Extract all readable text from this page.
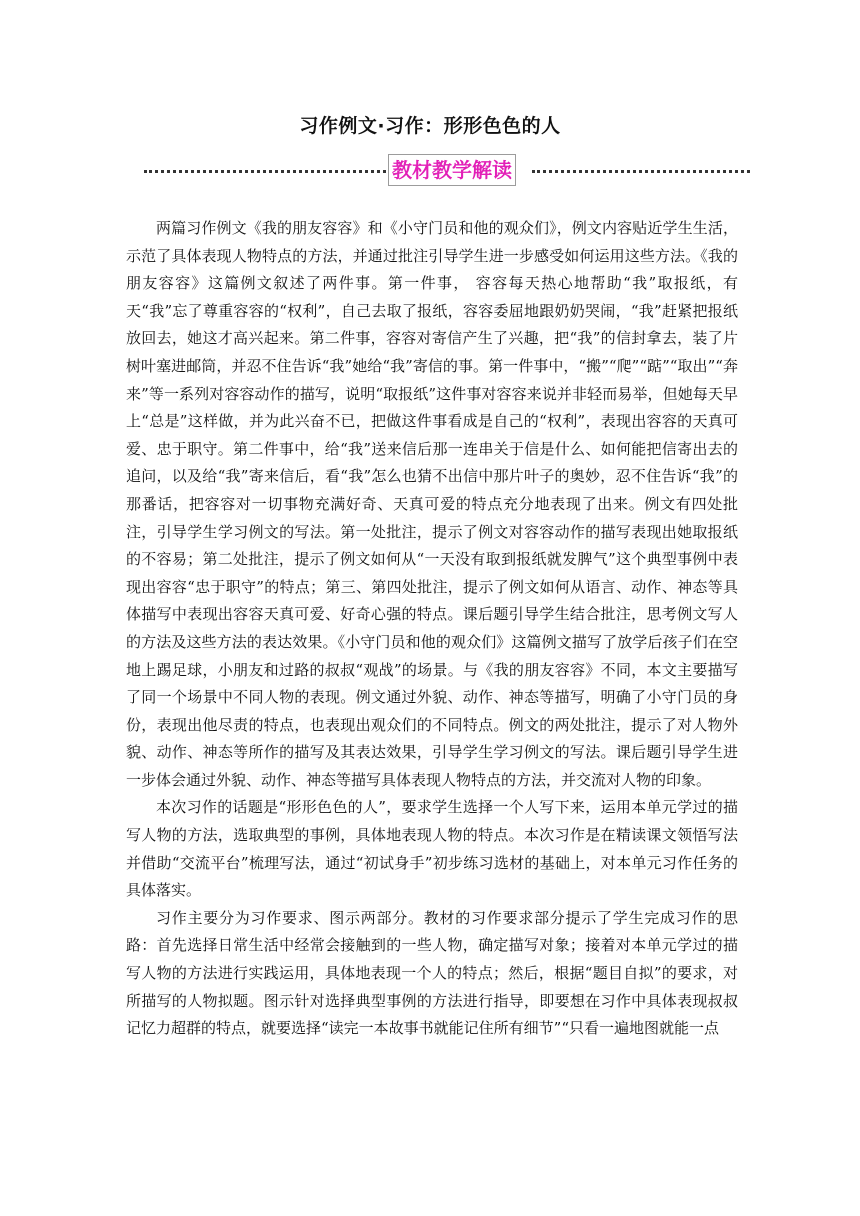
习作例文·习作：形形色色的人
教材教学解读

两篇习作例文《我的朋友容容》和《小守门员和他的观众们》，例文内容贴近学生生活，示范了具体表现人物特点的方法，并通过批注引导学生进一步感受如何运用这些方法。《我的朋友容容》这篇例文叙述了两件事。第一件事， 容容每天热心地帮助“我”取报纸，有天“我”忘了尊重容容的“权利”，自己去取了报纸，容容委屈地跟奶奶哭闹，“我”赶紧把报纸放回去，她这才高兴起来。第二件事，容容对寄信产生了兴趣，把“我”的信封拿去，装了片树叶塞进邮筒，并忍不住告诉“我”她给“我”寄信的事。第一件事中，“搬”“爬”“踮”“取出”“奔来”等一系列对容容动作的描写，说明“取报纸”这件事对容容来说并非轻而易举，但她每天早上“总是”这样做，并为此兴奋不已，把做这件事看成是自己的“权利”，表现出容容的天真可爱、忠于职守。第二件事中，给“我”送来信后那一连串关于信是什么、如何能把信寄出去的追问，以及给“我”寄来信后，看“我”怎么也猜不出信中那片叶子的奥妙，忍不住告诉“我”的那番话，把容容对一切事物充满好奇、天真可爱的特点充分地表现了出来。例文有四处批注，引导学生学习例文的写法。第一处批注，提示了例文对容容动作的描写表现出她取报纸的不容易；第二处批注，提示了例文如何从“一天没有取到报纸就发脾气”这个典型事例中表现出容容“忠于职守”的特点；第三、第四处批注，提示了例文如何从语言、动作、神态等具体描写中表现出容容天真可爱、好奇心强的特点。课后题引导学生结合批注，思考例文写人的方法及这些方法的表达效果。《小守门员和他的观众们》这篇例文描写了放学后孩子们在空地上踢足球，小朋友和过路的叔叔“观战”的场景。与《我的朋友容容》不同，本文主要描写了同一个场景中不同人物的表现。例文通过外貌、动作、神态等描写，明确了小守门员的身份，表现出他尽责的特点，也表现出观众们的不同特点。例文的两处批注，提示了对人物外貌、动作、神态等所作的描写及其表达效果，引导学生学习例文的写法。课后题引导学生进一步体会通过外貌、动作、神态等描写具体表现人物特点的方法，并交流对人物的印象。

本次习作的话题是“形形色色的人”，要求学生选择一个人写下来，运用本单元学过的描写人物的方法，选取典型的事例，具体地表现人物的特点。本次习作是在精读课文领悟写法并借助“交流平台”梳理写法，通过“初试身手”初步练习选材的基础上，对本单元习作任务的具体落实。

习作主要分为习作要求、图示两部分。教材的习作要求部分提示了学生完成习作的思路：首先选择日常生活中经常会接触到的一些人物，确定描写对象；接着对本单元学过的描写人物的方法进行实践运用，具体地表现一个人的特点；然后，根据“题目自拟”的要求，对所描写的人物拟题。图示针对选择典型事例的方法进行指导，即要想在习作中具体表现叔叔记忆力超群的特点，就要选择“读完一本故事书就能记住所有细节”“只看一遍地图就能一点
